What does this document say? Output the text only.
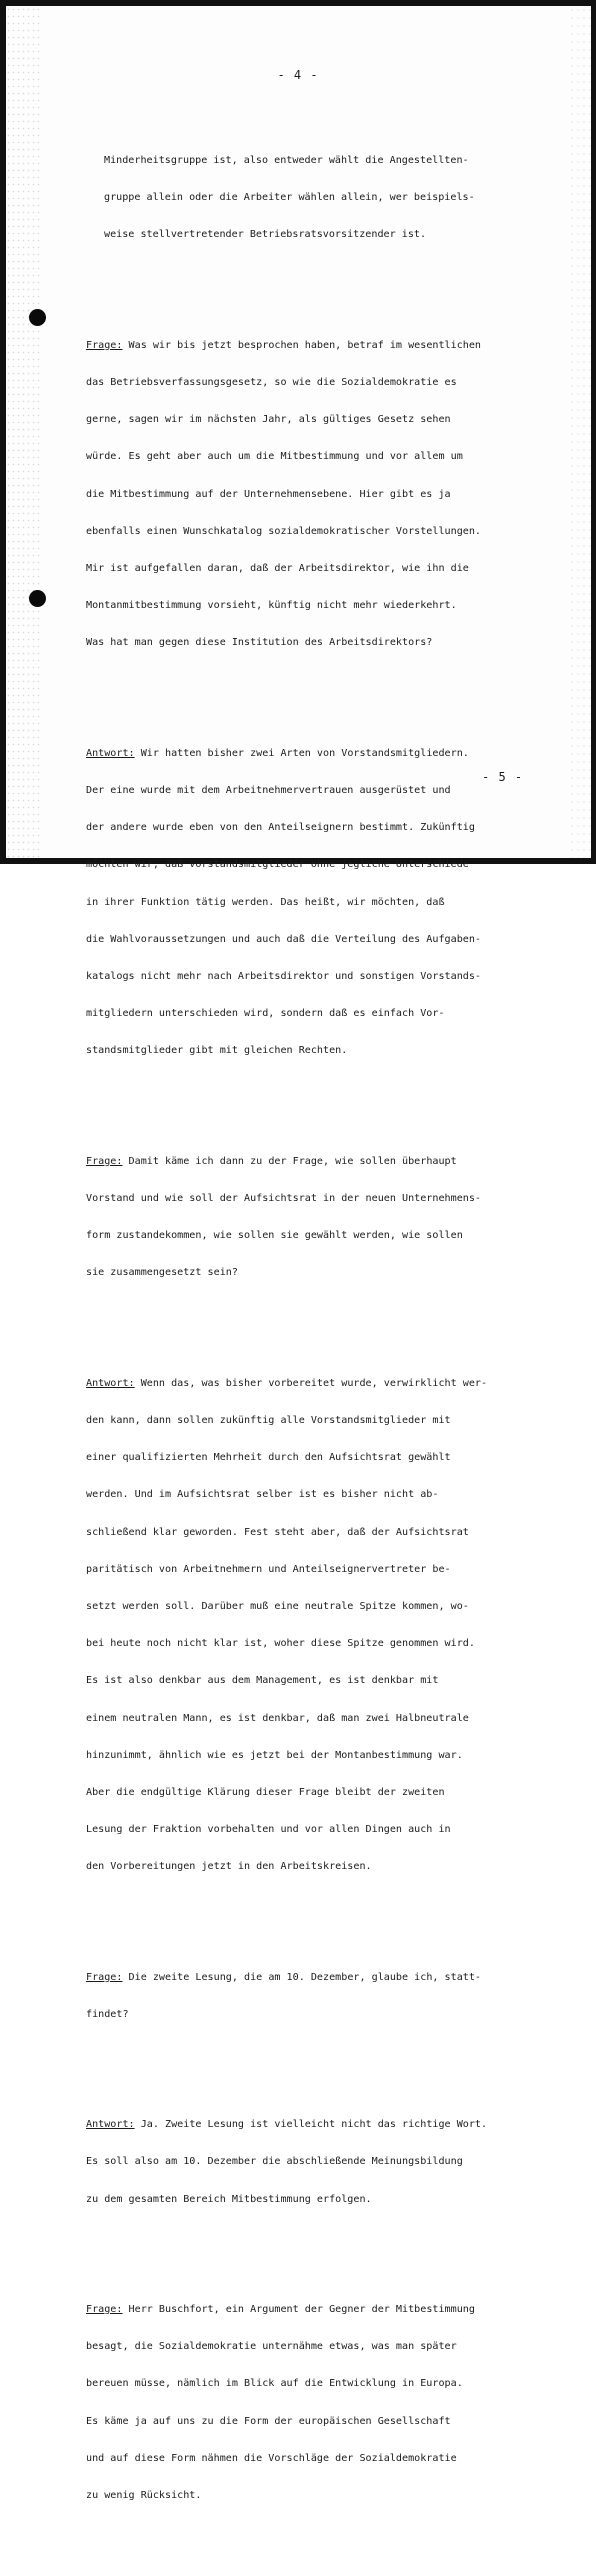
- 4 -

Minderheitsgruppe ist, also entweder wählt die Angestellten-

gruppe allein oder die Arbeiter wählen allein, wer beispiels-

weise stellvertretender Betriebsratsvorsitzender ist.

Frage: Was wir bis jetzt besprochen haben, betraf im wesentlichen

das Betriebsverfassungsgesetz, so wie die Sozialdemokratie es

gerne, sagen wir im nächsten Jahr, als gültiges Gesetz sehen

würde. Es geht aber auch um die Mitbestimmung und vor allem um

die Mitbestimmung auf der Unternehmensebene. Hier gibt es ja

ebenfalls einen Wunschkatalog sozialdemokratischer Vorstellungen.

Mir ist aufgefallen daran, daß der Arbeitsdirektor, wie ihn die

Montanmitbestimmung vorsieht, künftig nicht mehr wiederkehrt.

Was hat man gegen diese Institution des Arbeitsdirektors?

Antwort: Wir hatten bisher zwei Arten von Vorstandsmitgliedern.

Der eine wurde mit dem Arbeitnehmervertrauen ausgerüstet und

der andere wurde eben von den Anteilseignern bestimmt. Zukünftig

möchten wir, daß Vorstandsmitglieder ohne jegliche Unterschiede

in ihrer Funktion tätig werden. Das heißt, wir möchten, daß

die Wahlvoraussetzungen und auch daß die Verteilung des Aufgaben-

katalogs nicht mehr nach Arbeitsdirektor und sonstigen Vorstands-

mitgliedern unterschieden wird, sondern daß es einfach Vor-

standsmitglieder gibt mit gleichen Rechten.

Frage: Damit käme ich dann zu der Frage, wie sollen überhaupt

Vorstand und wie soll der Aufsichtsrat in der neuen Unternehmens-

form zustandekommen, wie sollen sie gewählt werden, wie sollen

sie zusammengesetzt sein?

Antwort: Wenn das, was bisher vorbereitet wurde, verwirklicht wer-

den kann, dann sollen zukünftig alle Vorstandsmitglieder mit

einer qualifizierten Mehrheit durch den Aufsichtsrat gewählt

werden. Und im Aufsichtsrat selber ist es bisher nicht ab-

schließend klar geworden. Fest steht aber, daß der Aufsichtsrat

paritätisch von Arbeitnehmern und Anteilseignervertreter be-

setzt werden soll. Darüber muß eine neutrale Spitze kommen, wo-

bei heute noch nicht klar ist, woher diese Spitze genommen wird.

Es ist also denkbar aus dem Management, es ist denkbar mit

einem neutralen Mann, es ist denkbar, daß man zwei Halbneutrale

hinzunimmt, ähnlich wie es jetzt bei der Montanbestimmung war.

Aber die endgültige Klärung dieser Frage bleibt der zweiten

Lesung der Fraktion vorbehalten und vor allen Dingen auch in

den Vorbereitungen jetzt in den Arbeitskreisen.

Frage: Die zweite Lesung, die am 10. Dezember, glaube ich, statt-

findet?

Antwort: Ja. Zweite Lesung ist vielleicht nicht das richtige Wort.

Es soll also am 10. Dezember die abschließende Meinungsbildung

zu dem gesamten Bereich Mitbestimmung erfolgen.

Frage: Herr Buschfort, ein Argument der Gegner der Mitbestimmung

besagt, die Sozialdemokratie unternähme etwas, was man später

bereuen müsse, nämlich im Blick auf die Entwicklung in Europa.

Es käme ja auf uns zu die Form der europäischen Gesellschaft

und auf diese Form nähmen die Vorschläge der Sozialdemokratie

zu wenig Rücksicht.

- 5 -
